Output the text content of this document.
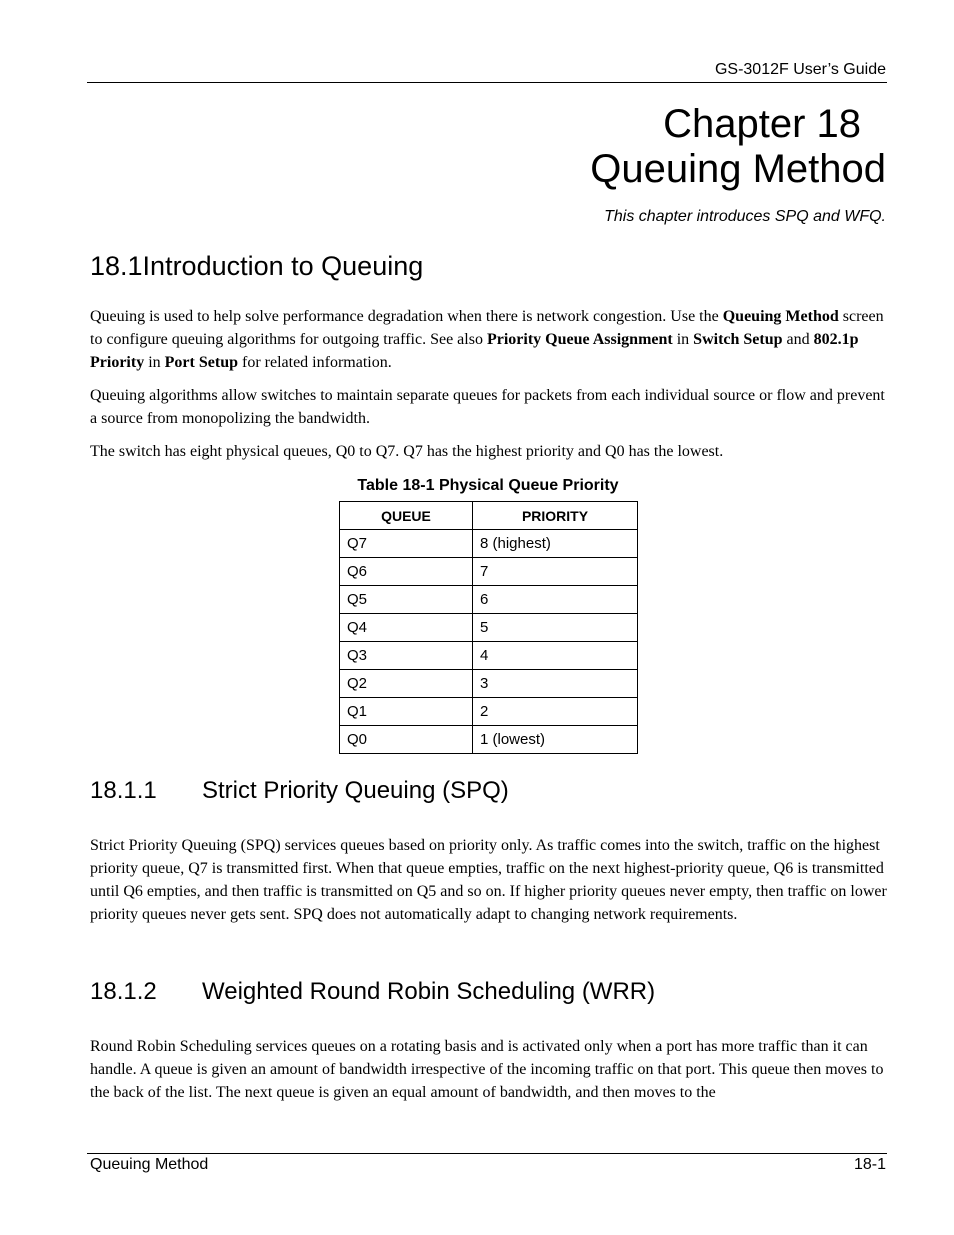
GS-3012F User’s Guide
Chapter 18
Queuing Method
This chapter introduces SPQ and WFQ.
18.1Introduction to Queuing

Queuing is used to help solve performance degradation when there is network congestion. Use the Queuing Method screen to configure queuing algorithms for outgoing traffic. See also Priority Queue Assignment in Switch Setup and 802.1p Priority in Port Setup for related information.

Queuing algorithms allow switches to maintain separate queues for packets from each individual source or flow and prevent a source from monopolizing the bandwidth.

The switch has eight physical queues, Q0 to Q7. Q7 has the highest priority and Q0 has the lowest.

Table 18-1 Physical Queue Priority
QUEUE	PRIORITY
Q7	8 (highest)
Q6	7
Q5	6
Q4	5
Q3	4
Q2	3
Q1	2
Q0	1 (lowest)
18.1.1 Strict Priority Queuing (SPQ)

Strict Priority Queuing (SPQ) services queues based on priority only. As traffic comes into the switch, traffic on the highest priority queue, Q7 is transmitted first. When that queue empties, traffic on the next highest-priority queue, Q6 is transmitted until Q6 empties, and then traffic is transmitted on Q5 and so on. If higher priority queues never empty, then traffic on lower priority queues never gets sent. SPQ does not automatically adapt to changing network requirements.

18.1.2 Weighted Round Robin Scheduling (WRR)

Round Robin Scheduling services queues on a rotating basis and is activated only when a port has more traffic than it can handle. A queue is given an amount of bandwidth irrespective of the incoming traffic on that port. This queue then moves to the back of the list. The next queue is given an equal amount of bandwidth, and then moves to the

Queuing Method	18-1
